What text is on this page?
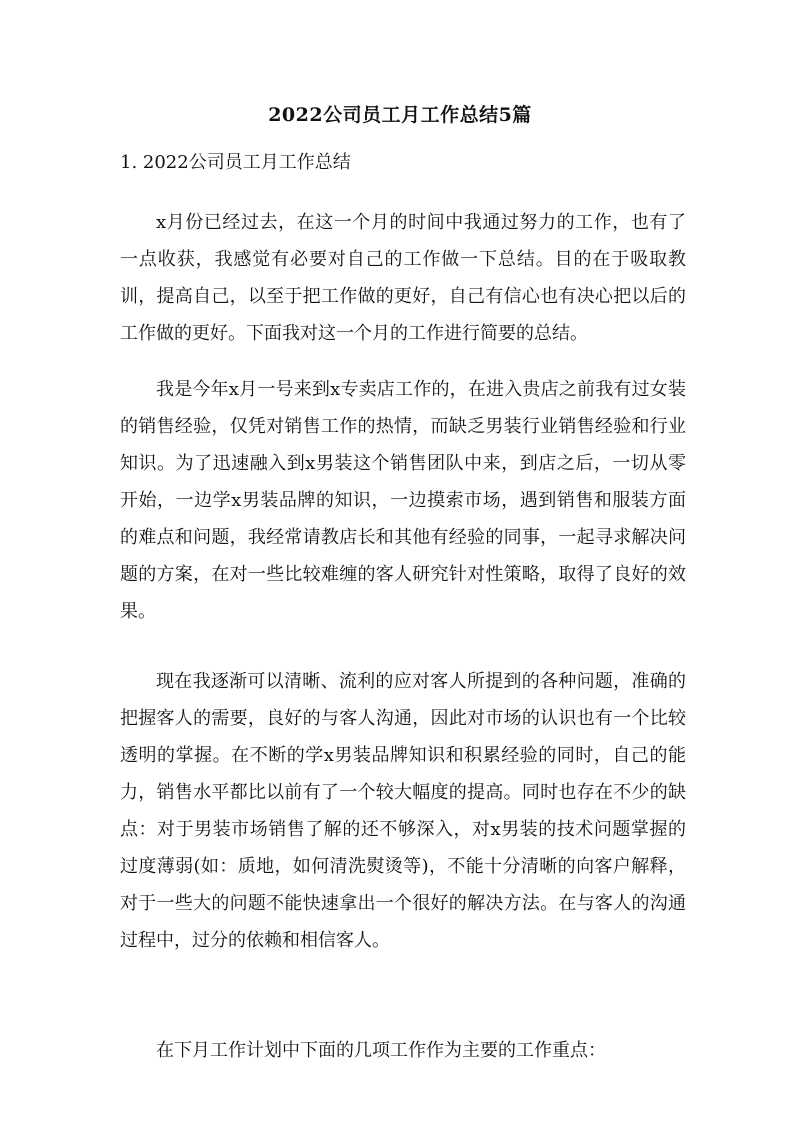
2022公司员工月工作总结5篇
1. 2022公司员工月工作总结

x月份已经过去，在这一个月的时间中我通过努力的工作，也有了一点收获，我感觉有必要对自己的工作做一下总结。目的在于吸取教训，提高自己，以至于把工作做的更好，自己有信心也有决心把以后的工作做的更好。下面我对这一个月的工作进行简要的总结。

我是今年x月一号来到x专卖店工作的，在进入贵店之前我有过女装的销售经验，仅凭对销售工作的热情，而缺乏男装行业销售经验和行业知识。为了迅速融入到x男装这个销售团队中来，到店之后，一切从零开始，一边学x男装品牌的知识，一边摸索市场，遇到销售和服装方面的难点和问题，我经常请教店长和其他有经验的同事，一起寻求解决问题的方案，在对一些比较难缠的客人研究针对性策略，取得了良好的效果。

现在我逐渐可以清晰、流利的应对客人所提到的各种问题，准确的把握客人的需要，良好的与客人沟通，因此对市场的认识也有一个比较透明的掌握。在不断的学x男装品牌知识和积累经验的同时，自己的能力，销售水平都比以前有了一个较大幅度的提高。同时也存在不少的缺点：对于男装市场销售了解的还不够深入，对x男装的技术问题掌握的过度薄弱(如：质地，如何清洗熨烫等)，不能十分清晰的向客户解释，对于一些大的问题不能快速拿出一个很好的解决方法。在与客人的沟通过程中，过分的依赖和相信客人。

在下月工作计划中下面的几项工作作为主要的工作重点：
